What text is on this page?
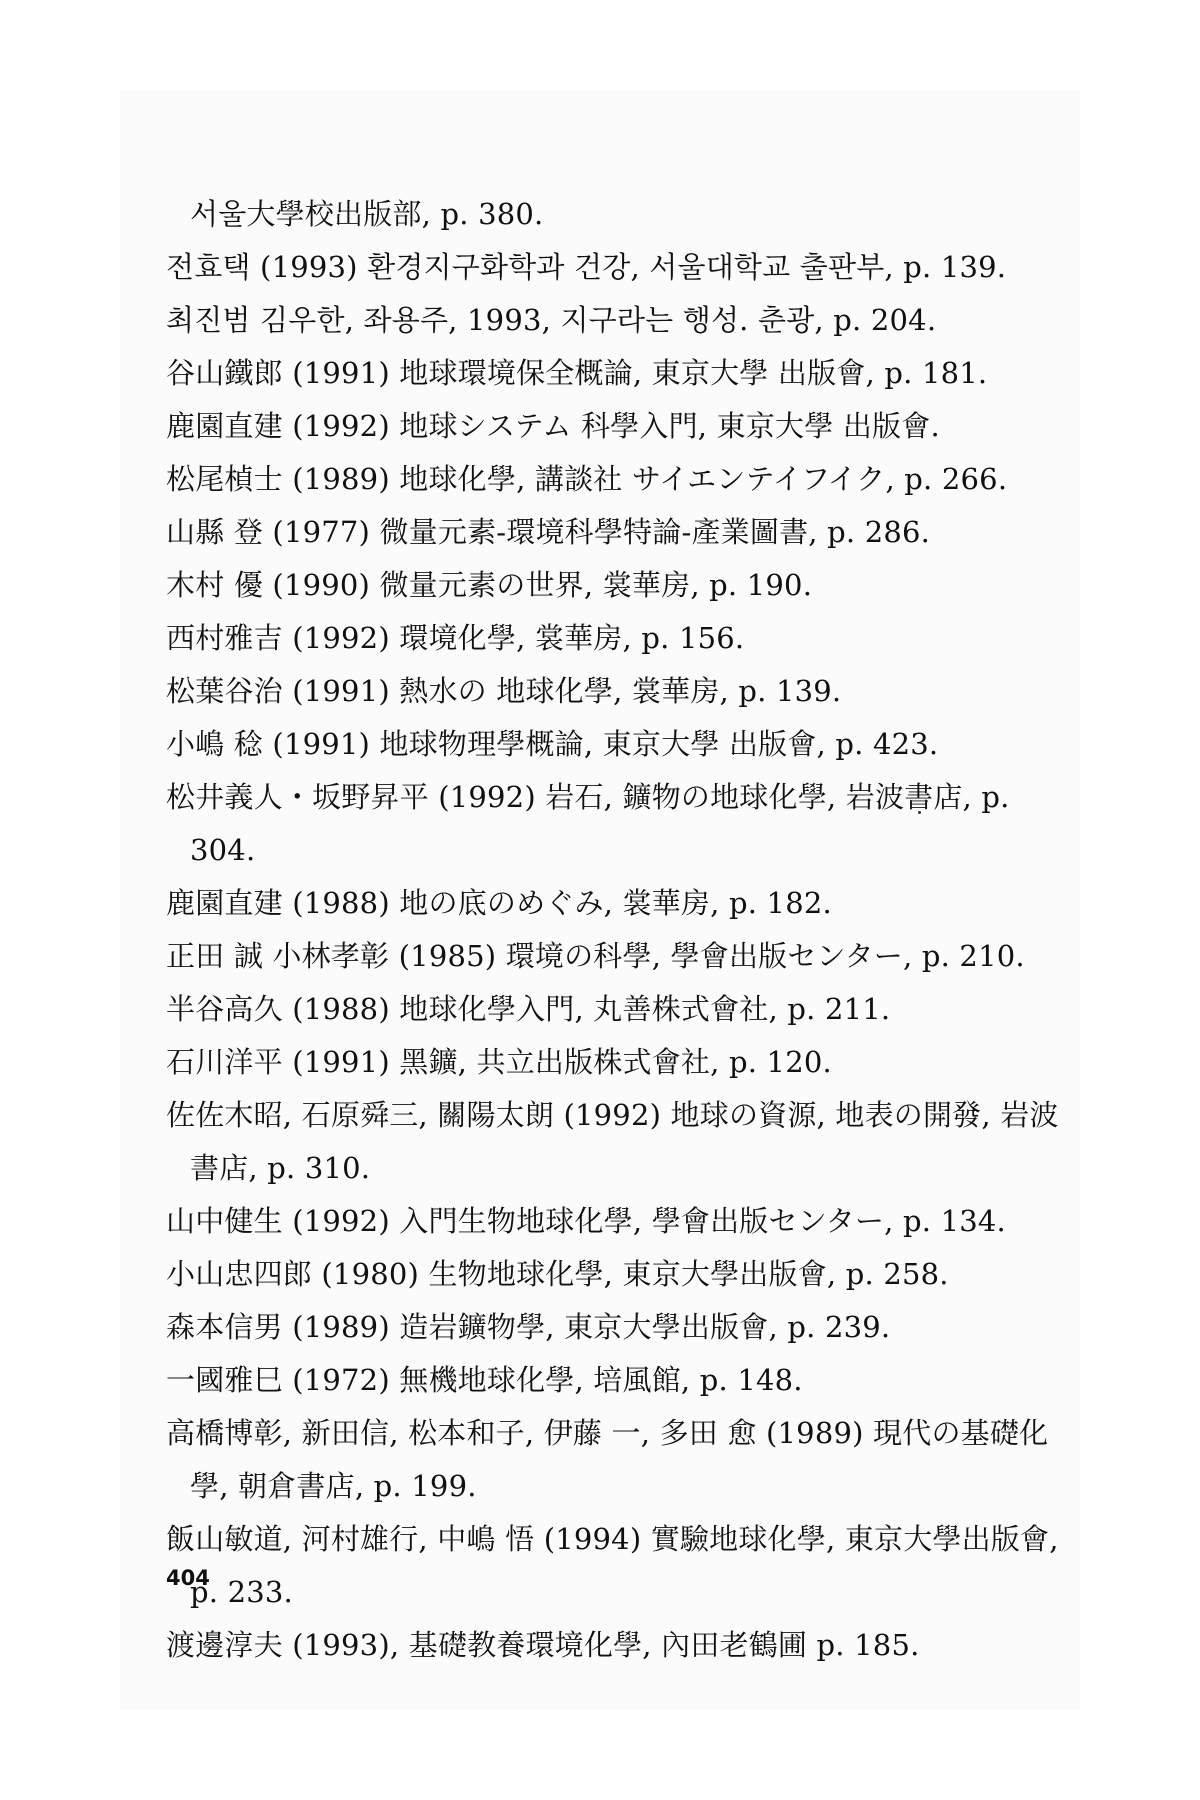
서울大學校出版部, p. 380.

전효택 (1993) 환경지구화학과 건강, 서울대학교 출판부, p. 139.

최진범 김우한, 좌용주, 1993, 지구라는 행성. 춘광, p. 204.

谷山鐵郎 (1991) 地球環境保全概論, 東京大學 出版會, p. 181.

鹿園直建 (1992) 地球システム 科學入門, 東京大學 出版會.

松尾楨士 (1989) 地球化學, 講談社 サイエンテイフイク, p. 266.

山縣 登 (1977) 微量元素-環境科學特論-產業圖書, p. 286.

木村 優 (1990) 微量元素の世界, 裳華房, p. 190.

西村雅吉 (1992) 環境化學, 裳華房, p. 156.

松葉谷治 (1991) 熱水の 地球化學, 裳華房, p. 139.

小嶋 稔 (1991) 地球物理學概論, 東京大學 出版會, p. 423.

松井義人・坂野昇平 (1992) 岩石, 鑛物の地球化學, 岩波書店, p. 304.

鹿園直建 (1988) 地の底のめぐみ, 裳華房, p. 182.

正田 誠 小林孝彰 (1985) 環境の科學, 學會出版センター, p. 210.

半谷高久 (1988) 地球化學入門, 丸善株式會社, p. 211.

石川洋平 (1991) 黑鑛, 共立出版株式會社, p. 120.

佐佐木昭, 石原舜三, 關陽太朗 (1992) 地球の資源, 地表の開發, 岩波書店, p. 310.

山中健生 (1992) 入門生物地球化學, 學會出版センター, p. 134.

小山忠四郎 (1980) 生物地球化學, 東京大學出版會, p. 258.

森本信男 (1989) 造岩鑛物學, 東京大學出版會, p. 239.

一國雅巳 (1972) 無機地球化學, 培風館, p. 148.

高橋博彰, 新田信, 松本和子, 伊藤 一, 多田 愈 (1989) 現代の基礎化學, 朝倉書店, p. 199.

飯山敏道, 河村雄行, 中嶋 悟 (1994) 實驗地球化學, 東京大學出版會, p. 233.

渡邊淳夫 (1993), 基礎教養環境化學, 內田老鶴圃 p. 185.

404
